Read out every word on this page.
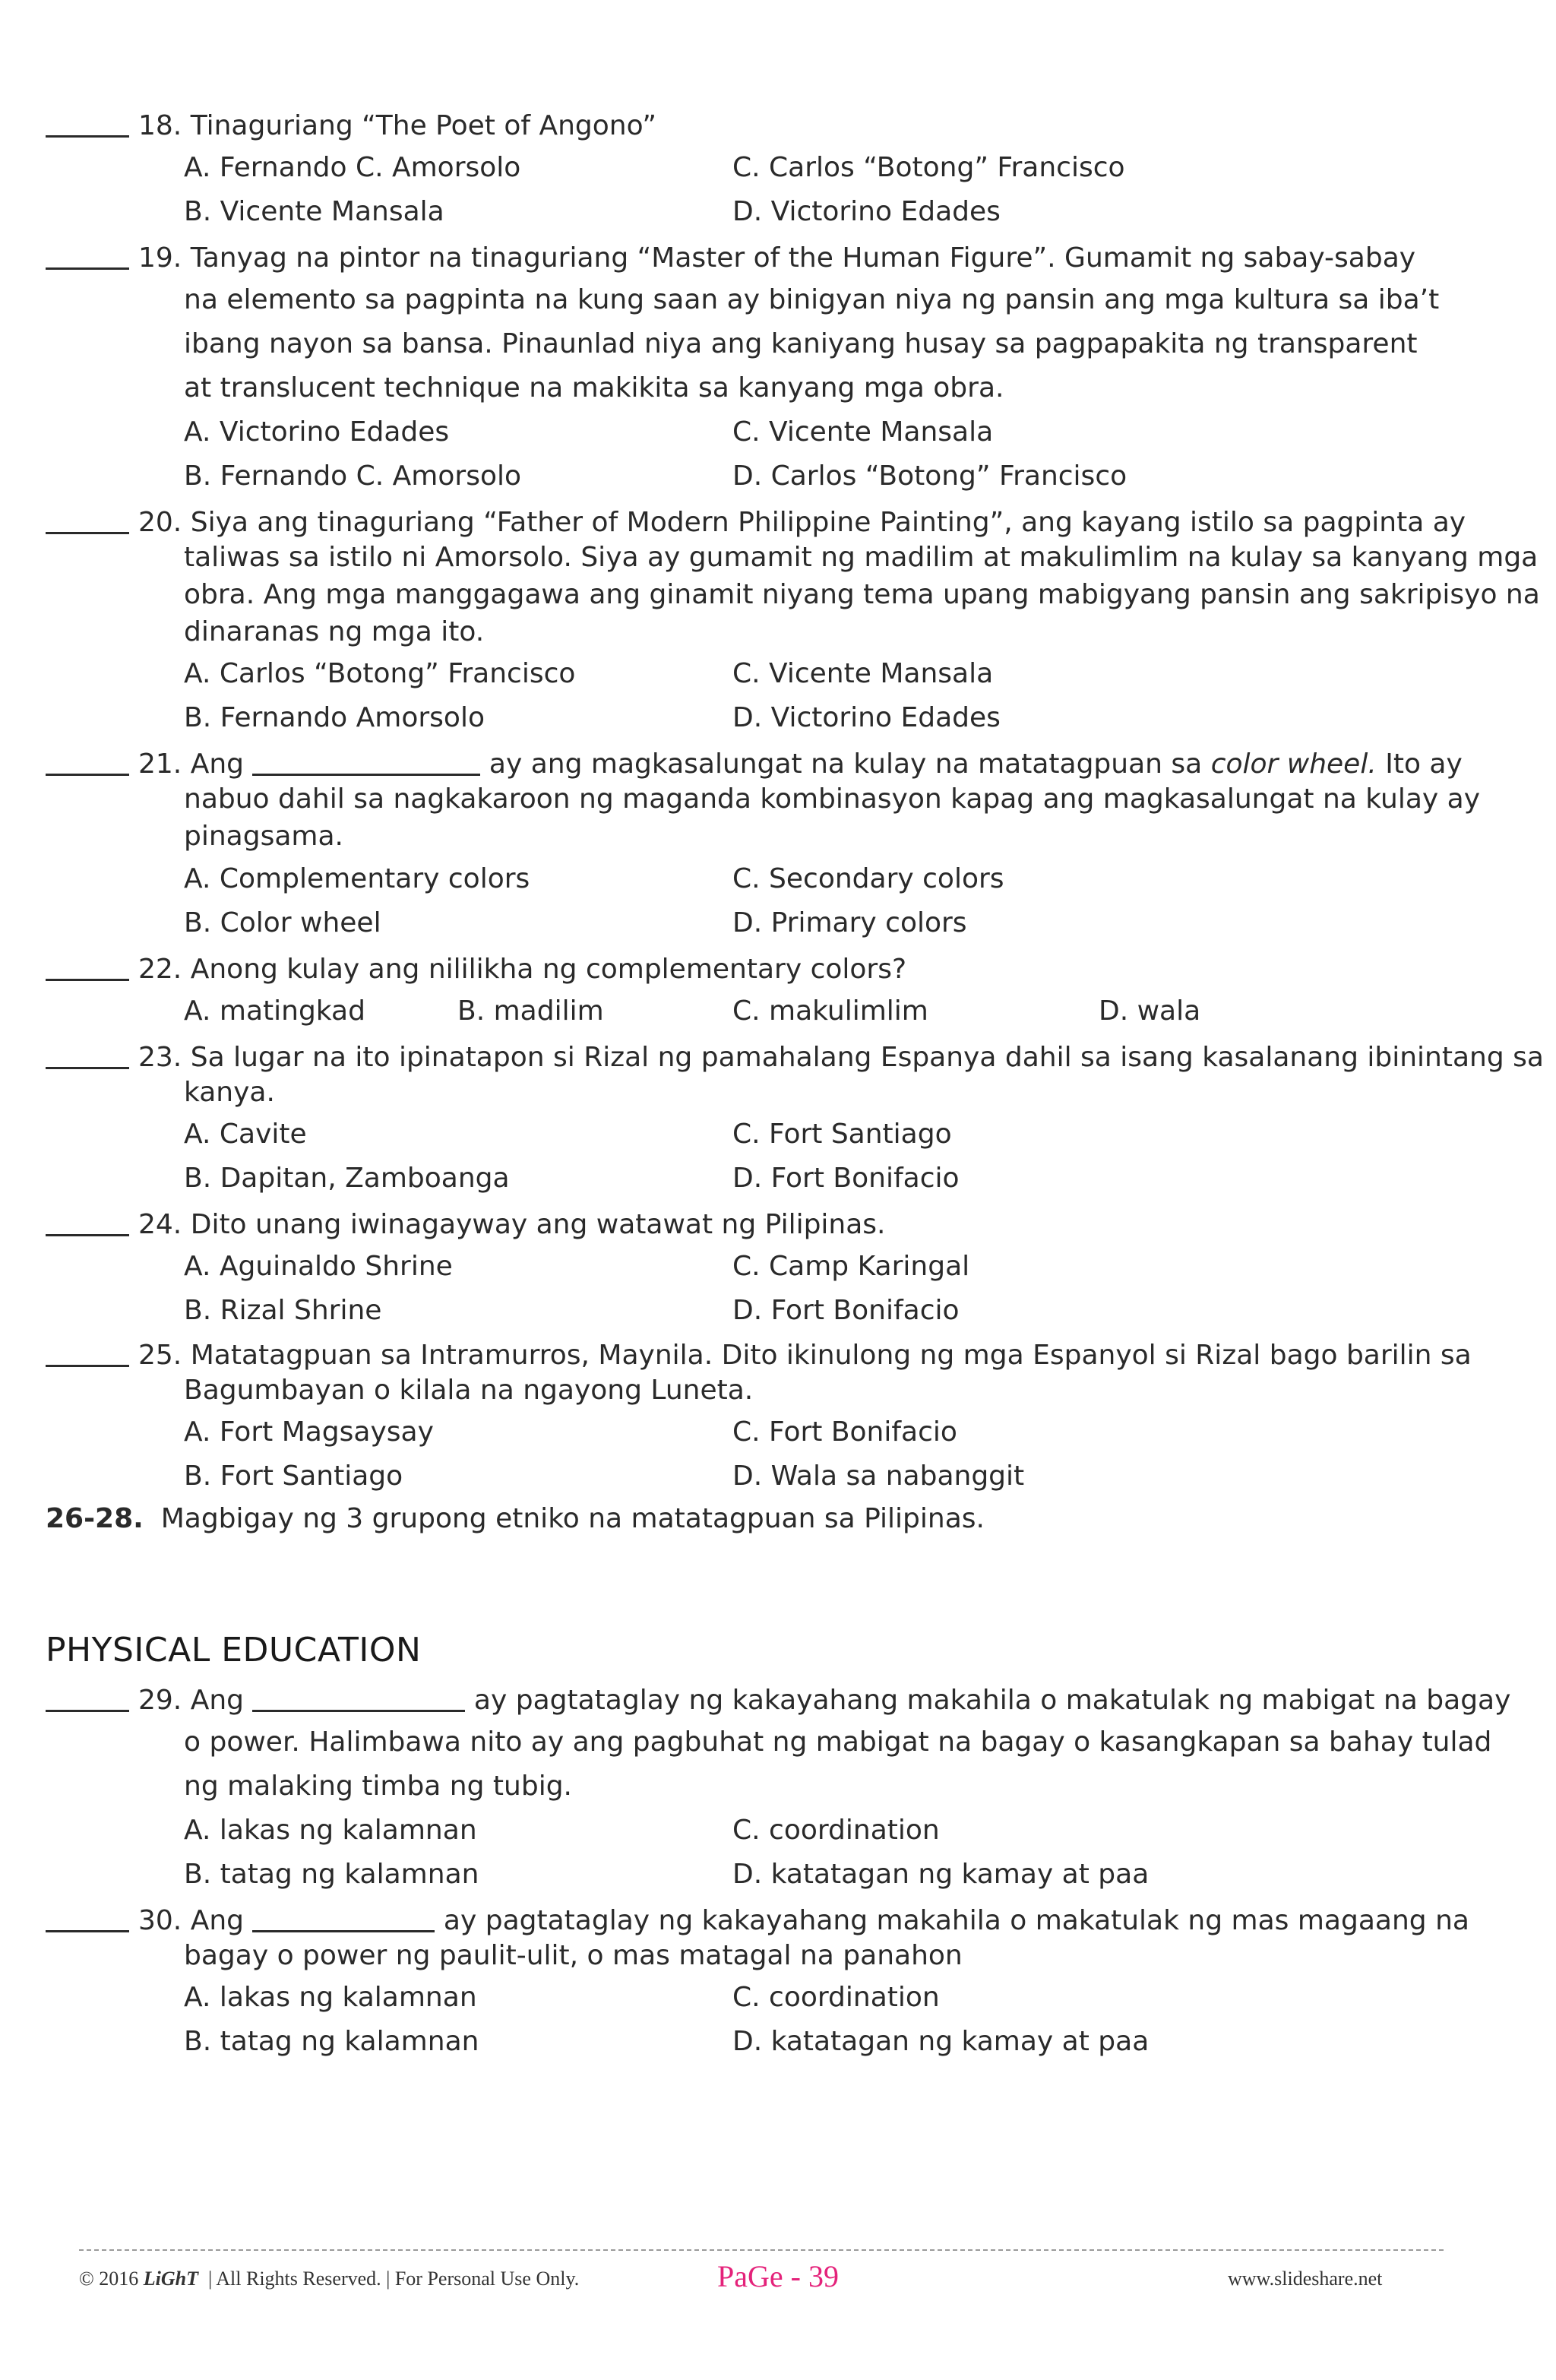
18. Tinaguriang “The Poet of Angono”
A. Fernando C. Amorsolo	C. Carlos “Botong” Francisco
B. Vicente Mansala	D. Victorino Edades
19. Tanyag na pintor na tinaguriang “Master of the Human Figure”. Gumamit ng sabay-sabay
na elemento sa pagpinta na kung saan ay binigyan niya ng pansin ang mga kultura sa iba’t
ibang nayon sa bansa. Pinaunlad niya ang kaniyang husay sa pagpapakita ng transparent
at translucent technique na makikita sa kanyang mga obra.
A. Victorino Edades	C. Vicente Mansala
B. Fernando C. Amorsolo	D. Carlos “Botong” Francisco
20. Siya ang tinaguriang “Father of Modern Philippine Painting”, ang kayang istilo sa pagpinta ay
taliwas sa istilo ni Amorsolo. Siya ay gumamit ng madilim at makulimlim na kulay sa kanyang mga
obra. Ang mga manggagawa ang ginamit niyang tema upang mabigyang pansin ang sakripisyo na
dinaranas ng mga ito.
A. Carlos “Botong” Francisco	C. Vicente Mansala
B. Fernando Amorsolo	D. Victorino Edades
21. Ang	ay ang magkasalungat na kulay na matatagpuan sa color wheel. Ito ay
nabuo dahil sa nagkakaroon ng maganda kombinasyon kapag ang magkasalungat na kulay ay
pinagsama.
A. Complementary colors	C. Secondary colors
B. Color wheel	D. Primary colors
22. Anong kulay ang nililikha ng complementary colors?
A. matingkad	B. madilim	C. makulimlim	D. wala
23. Sa lugar na ito ipinatapon si Rizal ng pamahalang Espanya dahil sa isang kasalanang ibinintang sa
kanya.
A. Cavite	C. Fort Santiago
B. Dapitan, Zamboanga	D. Fort Bonifacio
24. Dito unang iwinagayway ang watawat ng Pilipinas.
A. Aguinaldo Shrine	C. Camp Karingal
B. Rizal Shrine	D. Fort Bonifacio
25. Matatagpuan sa Intramurros, Maynila. Dito ikinulong ng mga Espanyol si Rizal bago barilin sa
Bagumbayan o kilala na ngayong Luneta.
A. Fort Magsaysay	C. Fort Bonifacio
B. Fort Santiago	D. Wala sa nabanggit
26-28. Magbigay ng 3 grupong etniko na matatagpuan sa Pilipinas.
PHYSICAL EDUCATION
29. Ang	ay pagtataglay ng kakayahang makahila o makatulak ng mabigat na bagay
o power. Halimbawa nito ay ang pagbuhat ng mabigat na bagay o kasangkapan sa bahay tulad
ng malaking timba ng tubig.
A. lakas ng kalamnan	C. coordination
B. tatag ng kalamnan	D. katatagan ng kamay at paa
30. Ang	ay pagtataglay ng kakayahang makahila o makatulak ng mas magaang na
bagay o power ng paulit-ulit, o mas matagal na panahon
A. lakas ng kalamnan	C. coordination
B. tatag ng kalamnan	D. katatagan ng kamay at paa
© 2016 LiGhT | All Rights Reserved. | For Personal Use Only.	PaGe - 39	www.slideshare.net
